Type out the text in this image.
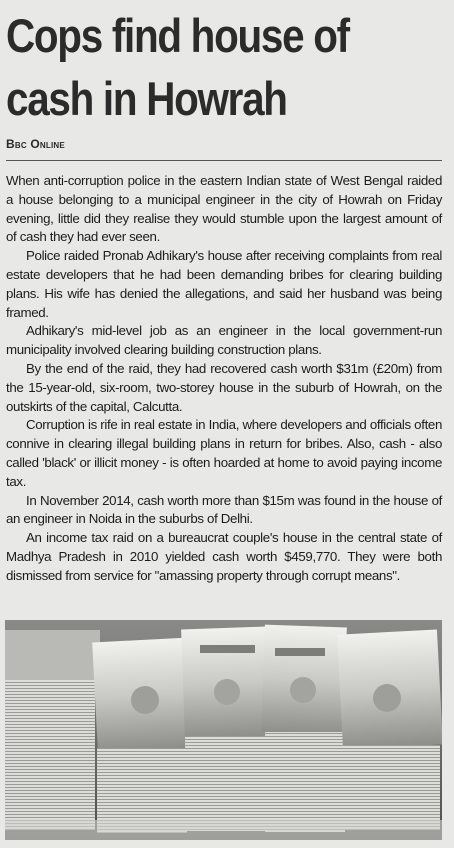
Cops find house of
cash in Howrah
Bbc Online

When anti-corruption police in the eastern Indian state of West Bengal raided a house belonging to a municipal engineer in the city of Howrah on Friday evening, little did they realise they would stumble upon the largest amount of of cash they had ever seen.

Police raided Pronab Adhikary's house after receiving complaints from real estate developers that he had been demanding bribes for clearing building plans. His wife has denied the allegations, and said her husband was being framed.

Adhikary's mid-level job as an engineer in the local government-run municipality involved clearing building construction plans.

By the end of the raid, they had recovered cash worth $31m (£20m) from the 15-year-old, six-room, two-storey house in the suburb of Howrah, on the outskirts of the capital, Calcutta.

Corruption is rife in real estate in India, where developers and officials often connive in clearing illegal building plans in return for bribes. Also, cash - also called 'black' or illicit money - is often hoarded at home to avoid paying income tax.

In November 2014, cash worth more than $15m was found in the house of an engineer in Noida in the suburbs of Delhi.

An income tax raid on a bureaucrat couple's house in the central state of Madhya Pradesh in 2010 yielded cash worth $459,770. They were both dismissed from service for "amassing property through corrupt means".
